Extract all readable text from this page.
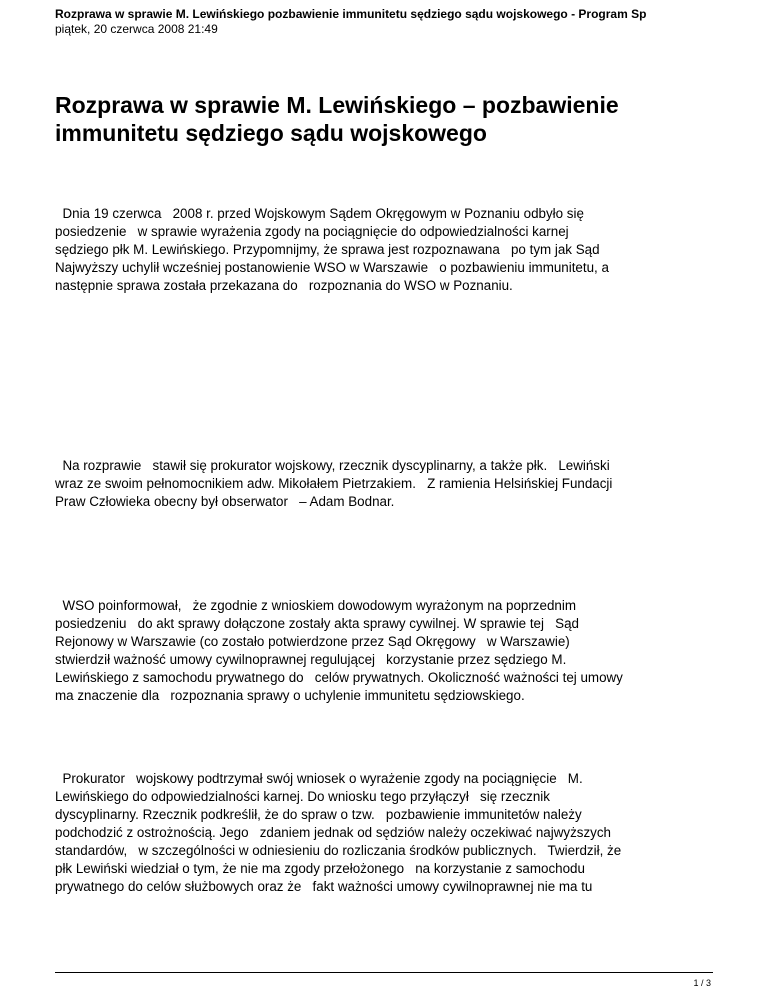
Rozprawa w sprawie M. Lewińskiego pozbawienie immunitetu sędziego sądu wojskowego - Program Sp
piątek, 20 czerwca 2008 21:49
Rozprawa w sprawie M. Lewińskiego – pozbawienie immunitetu sędziego sądu wojskowego

Dnia 19 czerwca   2008 r. przed Wojskowym Sądem Okręgowym w Poznaniu odbyło się
posiedzenie   w sprawie wyrażenia zgody na pociągnięcie do odpowiedzialności karnej
sędziego płk M. Lewińskiego. Przypomnijmy, że sprawa jest rozpoznawana   po tym jak Sąd
Najwyższy uchylił wcześniej postanowienie WSO w Warszawie   o pozbawieniu immunitetu, a
następnie sprawa została przekazana do   rozpoznania do WSO w Poznaniu.

Na rozprawie   stawił się prokurator wojskowy, rzecznik dyscyplinarny, a także płk.   Lewiński
wraz ze swoim pełnomocnikiem adw. Mikołałem Pietrzakiem.   Z ramienia Helsińskiej Fundacji
Praw Człowieka obecny był obserwator   – Adam Bodnar.

WSO poinformował,   że zgodnie z wnioskiem dowodowym wyrażonym na poprzednim
posiedzeniu   do akt sprawy dołączone zostały akta sprawy cywilnej. W sprawie tej   Sąd
Rejonowy w Warszawie (co zostało potwierdzone przez Sąd Okręgowy   w Warszawie)
stwierdził ważność umowy cywilnoprawnej regulującej   korzystanie przez sędziego M.
Lewińskiego z samochodu prywatnego do   celów prywatnych. Okoliczność ważności tej umowy
ma znaczenie dla   rozpoznania sprawy o uchylenie immunitetu sędziowskiego.

Prokurator   wojskowy podtrzymał swój wniosek o wyrażenie zgody na pociągnięcie   M.
Lewińskiego do odpowiedzialności karnej. Do wniosku tego przyłączył   się rzecznik
dyscyplinarny. Rzecznik podkreślił, że do spraw o tzw.   pozbawienie immunitetów należy
podchodzić z ostrożnością. Jego   zdaniem jednak od sędziów należy oczekiwać najwyższych
standardów,   w szczególności w odniesieniu do rozliczania środków publicznych.   Twierdził, że
płk Lewiński wiedział o tym, że nie ma zgody przełożonego   na korzystanie z samochodu
prywatnego do celów służbowych oraz że   fakt ważności umowy cywilnoprawnej nie ma tu

1 / 3
